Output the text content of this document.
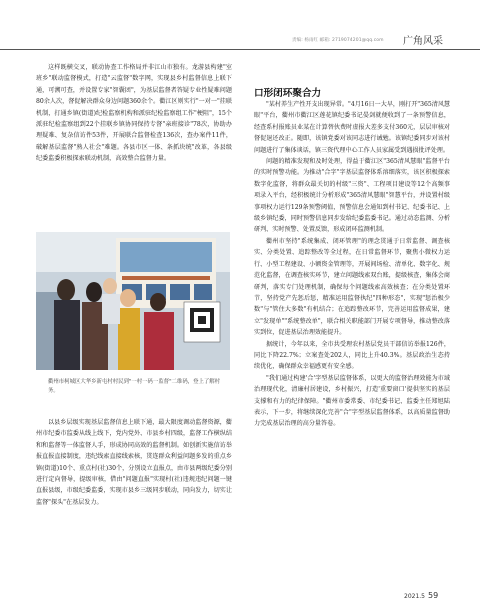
责编: 杨雨红 邮箱: 2719074201@qq.com 广角风采

这样既横交叉，联动协查工作格局并非江山市独有。龙游县构建"室班乡"联动监督模式，打造"云监督"数字网，实现县乡村监督信息上联下通，可溯可查，并设置专家"智囊团"，为基层监督者答疑专业性疑难问题80余人次，督促解决群众身边问题360余个。衢江区则实行"一对一"挂联机制，打通乡镇(街道)纪检监察机构和派驻纪检监察组工作"梗阻"，15个派驻纪检监察组到22个挂联乡镇协同保持专督"亲班接诊"78次，协助办理疑难、复杂信访件53件，开展联合监督检查136次，查办案件11件，破解基层监督"熟人社会"难题。各县市区一体、条抓块统"改革，各县级纪委监委积极探索联动机制，高效整合监督力量。

衢州市柯城区大华乡新屯村村民到"一村一码一监督"二维码，登上了解村务。

以县乡层级实现基层监督信息上联下通，最大限度调动监督资源，衢州市纪委市监委从线上线下，党内党外、市县乡村四级，监督工作横纵结和和监督等一体监督人手，形成协同高效的监督机制。如创新实施信访举报直报直接制度，违纪线索直接线索核，贯连群众利益问题多发的重点乡镇(街道)10个、重点村(社)30个，分别设立直报点，由市县两级纪委分别进行定向督导，提级审核，借由"问题直报"实现村(社)违规违纪问题一键直报县级，市级纪委监委，实现市县乡三级同步联动，同向发力，切实让监督"探头"在基层发力。

口形闭环聚合力

"某村养生产性开支出现异常。"4月16日一大早，刚打开"365清风慧眼"平台，衢州市衢江区莲花镇纪委书记晏剑就便收到了一条预警信息，经查系村报账员业某在计算替伙费时虚报大差多支付360元，层层审核对督促退还改正。随即，该镇党委对该同志进行诫勉。该镇纪委同步对该村问题进行了集体谈话，镇三资代理中心工作人员家属受到遇损批评处理。

问题的精准发现和及时处理，得益于衢江区"365清风慧眼"监督平台的实时预警功能。为推动"合字"字基层监督体系溶细落实，该区积极探索数字化监督，将群众最关切的村级"三资"、工程项目建设等12个高频事项录入平台，经积极统计分析形成"365清风慧眼"智慧平台，并设置村级事项权力运行129条预警阈值，预警信息会通知到村书记、纪委书记、上级乡镇纪委，同时预警信息同步发给纪委监委书记。通过动态监测、分析研判、实时预警、处置反馈，形成闭环监测机制。

衢州市坚持"系统集成、闭环管理"的理念贯通于日常监督、调查核实、分类处置、追踪整改等全过程，在日常监督环节，聚焦小微权力运行、小型工程建设、小额资金管理等，开展间场检、清单化、数字化、规范化监督，在调查核实环节，建立问题线索双台账，提级核查，集体会商研判，落实专门处理机制，确保每个问题线索高效核查；在分类处置环节，坚持党产先惩后惩，精准运用监督执纪"四种形态"，实现"惩治极少数"与"管住大多数"有机结合；在追踪整改环节，完善运用监督成果，建立"发现单""系统整改单"，联合相关职能部门开展专项督导，推动整改落实到位，促进基层治理效能提升。

据统计，今年以来，全市共受理农村基层党员干部信访举报126件，同比下降22.7%；立案查处202人，同比上升40.3%。基层政治生态持续优化，确保群众幸福感更有安全感。

"我们通过构建'合'字型基层监督体系，以更大的监督治理效能为市域治理现代化，清廉村居建设，乡村振兴，打造'重要窗口'提供坚实的基层支撑和有力的纪律保障。"衢州市委常委、市纪委书记、监委主任郑旭陆表示，下一步，将继续深化完善"合"字型基层监督体系，以高质量监督助力完成基层治理的高分量答卷。

2021.5 59
